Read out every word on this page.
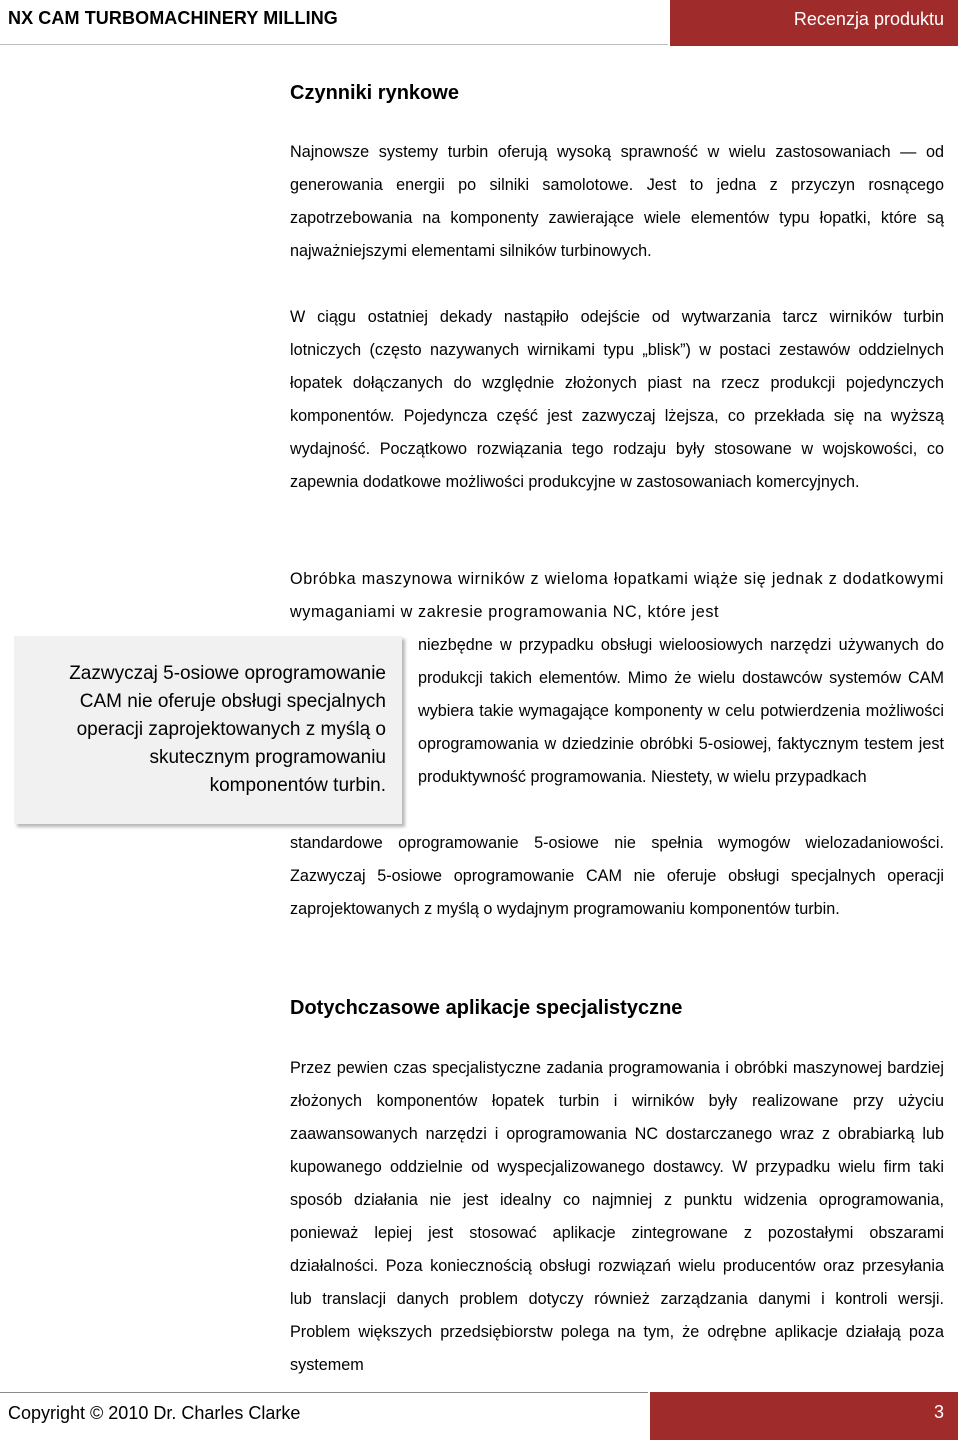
NX CAM TURBOMACHINERY MILLING	Recenzja produktu
Czynniki rynkowe

Najnowsze systemy turbin oferują wysoką sprawność w wielu zastosowaniach — od generowania energii po silniki samolotowe. Jest to jedna z przyczyn rosnącego zapotrzebowania na komponenty zawierające wiele elementów typu łopatki, które są najważniejszymi elementami silników turbinowych.

W ciągu ostatniej dekady nastąpiło odejście od wytwarzania tarcz wirników turbin lotniczych (często nazywanych wirnikami typu „blisk”) w postaci zestawów oddzielnych łopatek dołączanych do względnie złożonych piast na rzecz produkcji pojedynczych komponentów. Pojedyncza część jest zazwyczaj lżejsza, co przekłada się na wyższą wydajność. Początkowo rozwiązania tego rodzaju były stosowane w wojskowości, co zapewnia dodatkowe możliwości produkcyjne w zastosowaniach komercyjnych.

Obróbka maszynowa wirników z wieloma łopatkami wiąże się jednak z dodatkowymi wymaganiami w zakresie programowania NC, które jest

niezbędne w przypadku obsługi wieloosiowych narzędzi używanych do produkcji takich elementów. Mimo że wielu dostawców systemów CAM wybiera takie wymagające komponenty w celu potwierdzenia możliwości oprogramowania w dziedzinie obróbki 5-osiowej, faktycznym testem jest produktywność programowania. Niestety, w wielu przypadkach

standardowe oprogramowanie 5-osiowe nie spełnia wymogów wielozadaniowości. Zazwyczaj 5-osiowe oprogramowanie CAM nie oferuje obsługi specjalnych operacji zaprojektowanych z myślą o wydajnym programowaniu komponentów turbin.

Zazwyczaj 5-osiowe oprogramowanie CAM nie oferuje obsługi specjalnych operacji zaprojektowanych z myślą o skutecznym programowaniu komponentów turbin.
Dotychczasowe aplikacje specjalistyczne

Przez pewien czas specjalistyczne zadania programowania i obróbki maszynowej bardziej złożonych komponentów łopatek turbin i wirników były realizowane przy użyciu zaawansowanych narzędzi i oprogramowania NC dostarczanego wraz z obrabiarką lub kupowanego oddzielnie od wyspecjalizowanego dostawcy. W przypadku wielu firm taki sposób działania nie jest idealny co najmniej z punktu widzenia oprogramowania, ponieważ lepiej jest stosować aplikacje zintegrowane z pozostałymi obszarami działalności. Poza koniecznością obsługi rozwiązań wielu producentów oraz przesyłania lub translacji danych problem dotyczy również zarządzania danymi i kontroli wersji. Problem większych przedsiębiorstw polega na tym, że odrębne aplikacje działają poza systemem

Copyright © 2010 Dr. Charles Clarke	3
